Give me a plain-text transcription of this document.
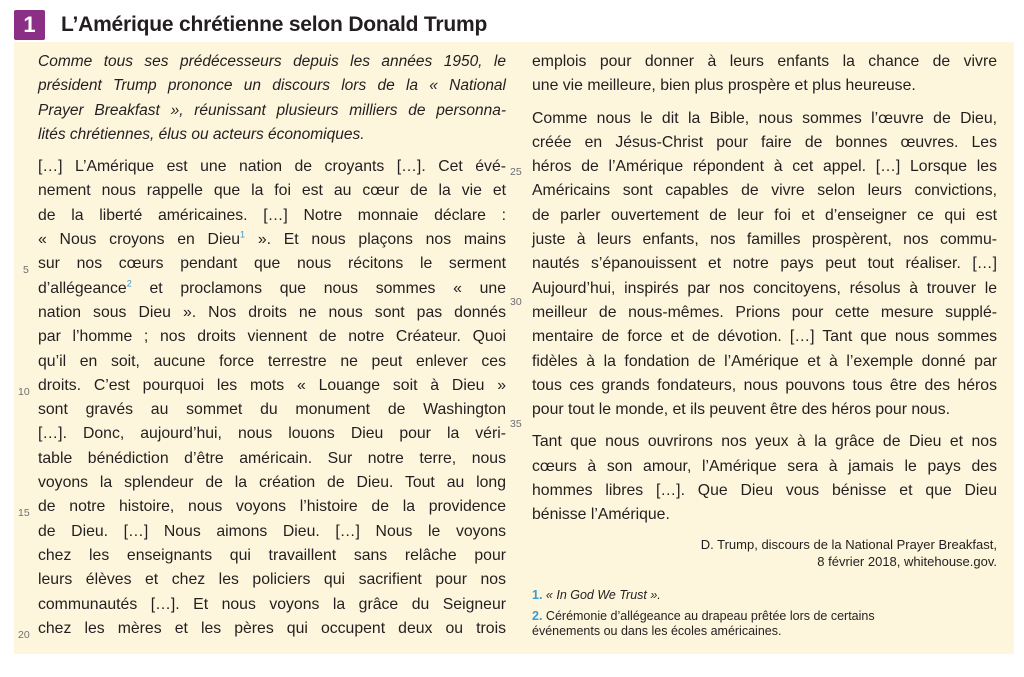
1	L’Amérique chrétienne selon Donald Trump

Comme tous ses prédécesseurs depuis les années 1950, le
président Trump prononce un discours lors de la « National
Prayer Breakfast », réunissant plusieurs milliers de personna-
lités chrétiennes, élus ou acteurs économiques.

[…] L’Amérique est une nation de croyants […]. Cet évé-
nement nous rappelle que la foi est au cœur de la vie et
de la liberté américaines. […] Notre monnaie déclare :
« Nous croyons en Dieu$^1$ ». Et nous plaçons nos mains
sur nos cœurs pendant que nous récitons le serment
d’allégeance$^2$ et proclamons que nous sommes « une
nation sous Dieu ». Nos droits ne nous sont pas donnés
par l’homme ; nos droits viennent de notre Créateur. Quoi
qu’il en soit, aucune force terrestre ne peut enlever ces
droits. C’est pourquoi les mots « Louange soit à Dieu »
sont gravés au sommet du monument de Washington
[…]. Donc, aujourd’hui, nous louons Dieu pour la véri-
table bénédiction d’être américain. Sur notre terre, nous
voyons la splendeur de la création de Dieu. Tout au long
de notre histoire, nous voyons l’histoire de la providence
de Dieu. […] Nous aimons Dieu. […] Nous le voyons
chez les enseignants qui travaillent sans relâche pour
leurs élèves et chez les policiers qui sacrifient pour nos
communautés […]. Et nous voyons la grâce du Seigneur
chez les mères et les pères qui occupent deux ou trois

5
10
15
20

emplois pour donner à leurs enfants la chance de vivre
une vie meilleure, bien plus prospère et plus heureuse.

Comme nous le dit la Bible, nous sommes l’œuvre de Dieu,
créée en Jésus-Christ pour faire de bonnes œuvres. Les
héros de l’Amérique répondent à cet appel. […] Lorsque les
Américains sont capables de vivre selon leurs convictions,
de parler ouvertement de leur foi et d’enseigner ce qui est
juste à leurs enfants, nos familles prospèrent, nos commu-
nautés s’épanouissent et notre pays peut tout réaliser. […]
Aujourd’hui, inspirés par nos concitoyens, résolus à trouver le
meilleur de nous-mêmes. Prions pour cette mesure supplé-
mentaire de force et de dévotion. […] Tant que nous sommes
fidèles à la fondation de l’Amérique et à l’exemple donné par
tous ces grands fondateurs, nous pouvons tous être des héros
pour tout le monde, et ils peuvent être des héros pour nous.

Tant que nous ouvrirons nos yeux à la grâce de Dieu et nos
cœurs à son amour, l’Amérique sera à jamais le pays des
hommes libres […]. Que Dieu vous bénisse et que Dieu
bénisse l’Amérique.

D. Trump, discours de la National Prayer Breakfast,
8 février 2018, whitehouse.gov.
1. « In God We Trust ».
2. Cérémonie d’allégeance au drapeau prêtée lors de certains
événements ou dans les écoles américaines.
25
30
35
